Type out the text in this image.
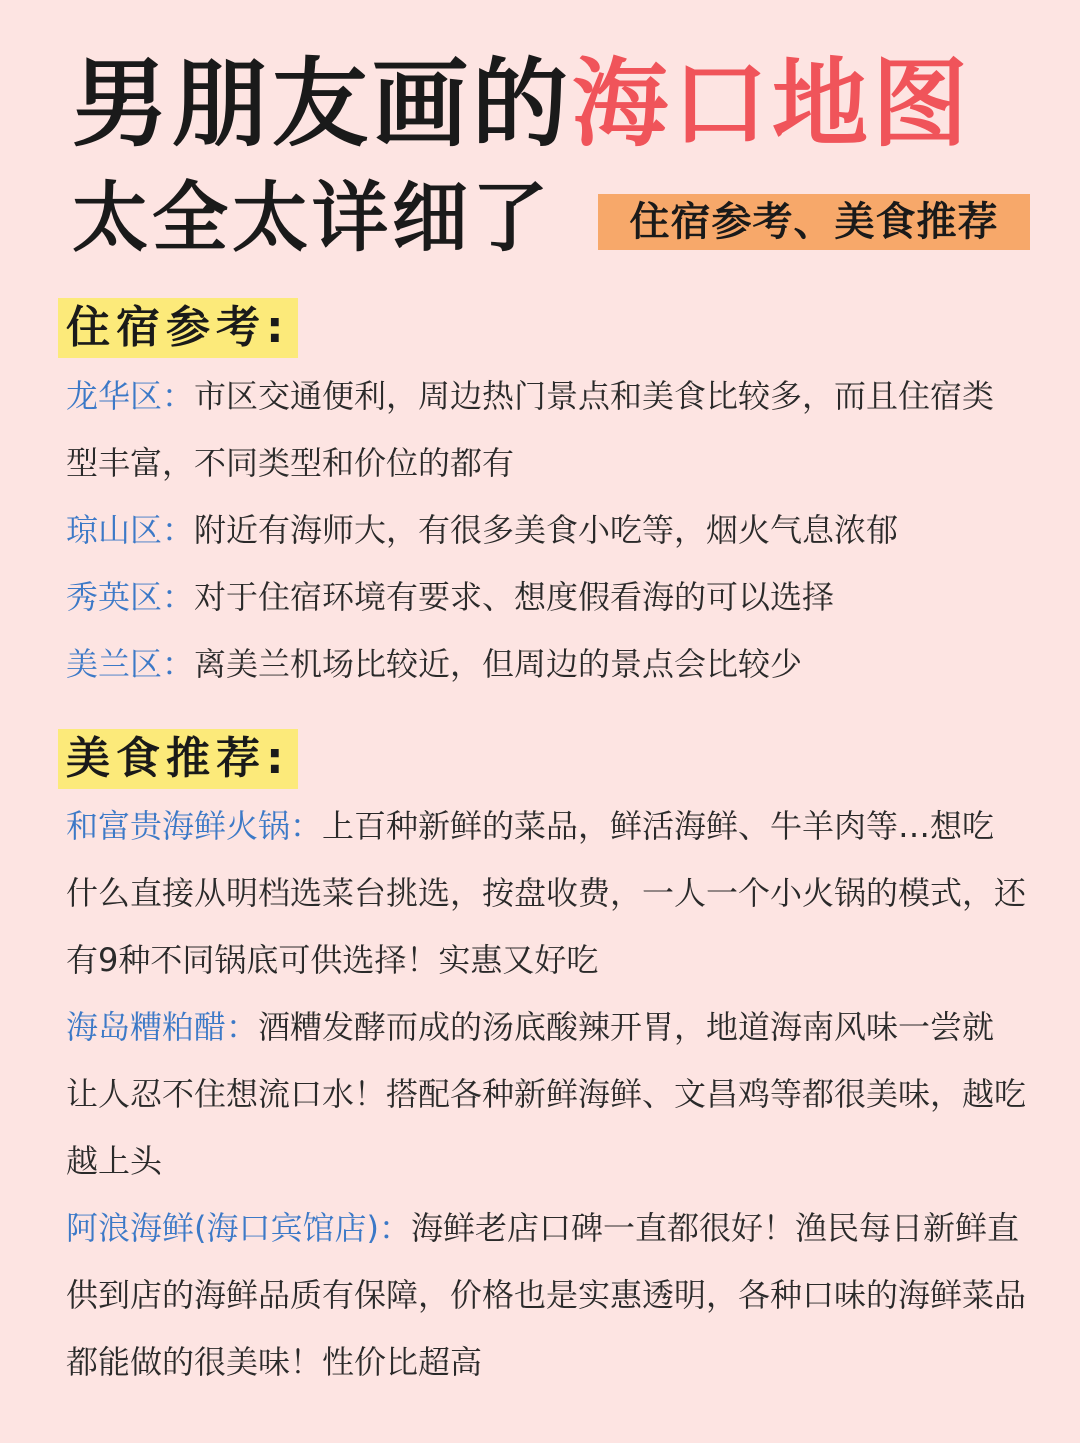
男朋友画的海口地图
太全太详细了	住宿参考、美食推荐
住宿参考:

龙华区：市区交通便利，周边热门景点和美食比较多，而且住宿类型丰富，不同类型和价位的都有

琼山区：附近有海师大，有很多美食小吃等，烟火气息浓郁

秀英区：对于住宿环境有要求、想度假看海的可以选择

美兰区：离美兰机场比较近，但周边的景点会比较少

美食推荐:

和富贵海鲜火锅：上百种新鲜的菜品，鲜活海鲜、牛羊肉等…想吃什么直接从明档选菜台挑选，按盘收费，一人一个小火锅的模式，还有9种不同锅底可供选择！实惠又好吃

海岛糟粕醋：酒糟发酵而成的汤底酸辣开胃，地道海南风味一尝就让人忍不住想流口水！搭配各种新鲜海鲜、文昌鸡等都很美味，越吃越上头

阿浪海鲜(海口宾馆店)：海鲜老店口碑一直都很好！渔民每日新鲜直供到店的海鲜品质有保障，价格也是实惠透明，各种口味的海鲜菜品都能做的很美味！性价比超高
